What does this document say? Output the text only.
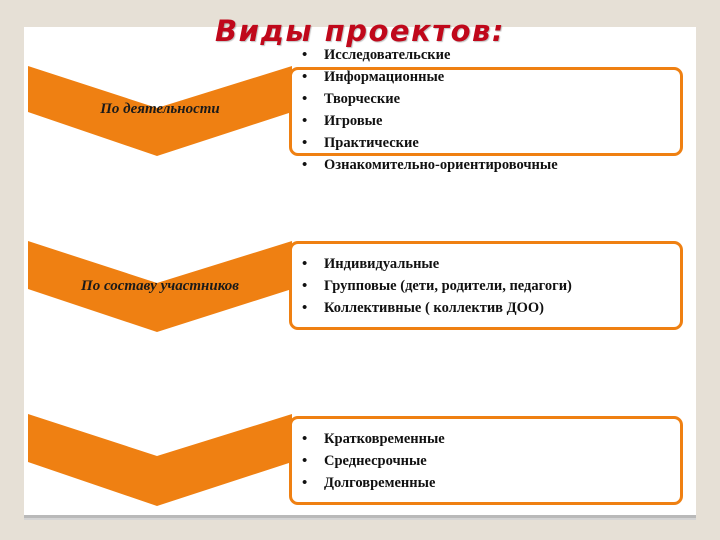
Виды проектов:
По деятельности
По составу участников
• Исследовательские
• Информационные
• Творческие
• Игровые
• Практические
• Ознакомительно-ориентировочные
• Индивидуальные
• Групповые (дети, родители, педагоги)
• Коллективные ( коллектив ДОО)
• Кратковременные
• Среднесрочные
• Долговременные
